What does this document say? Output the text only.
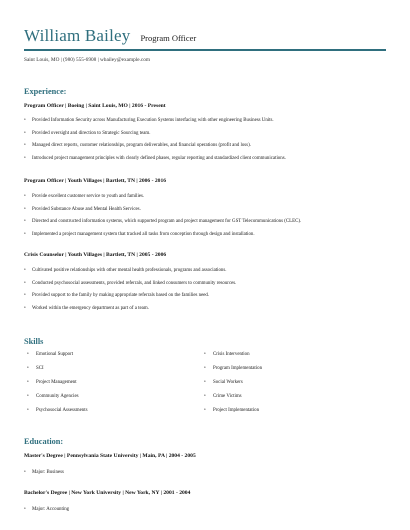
William Bailey Program Officer
Saint Louis, MO | (980) 555-6908 | wbailey@example.com
Experience:
Program Officer | Boeing | Saint Louis, MO | 2016 - Present
• Provided Information Security across Manufacturing Execution Systems interfacing with other engineering Business Units.
• Provided oversight and direction to Strategic Sourcing team.
• Managed direct reports, customer relationships, program deliverables, and financial operations (profit and loss).
• Introduced project management principles with clearly defined phases, regular reporting and standardized client communications.
Program Officer | Youth Villages | Bartlett, TN | 2006 - 2016
• Provide excellent customer service to youth and families.
• Provided Substance Abuse and Mental Health Services.
• Directed and constructed information systems, which supported program and project management for GST Telecommunications (CLEC).
• Implemented a project management system that tracked all tasks from conception through design and installation.
Crisis Counselor | Youth Villages | Bartlett, TN | 2005 - 2006
• Cultivated positive relationships with other mental health professionals, programs and associations.
• Conducted psychosocial assessments, provided referrals, and linked consumers to community resources.
• Provided support to the family by making appropriate referrals based on the families need.
• Worked within the emergency department as part of a team.
Skills
• Emotional Support
• SCI
• Project Management
• Community Agencies
• Psychosocial Assessments
• Crisis Intervention
• Program Implementation
• Social Workers
• Crime Victims
• Project Implementation
Education:
Master's Degree | Pennsylvania State University | Main, PA | 2004 - 2005
• Major: Business
Bachelor's Degree | New York University | New York, NY | 2001 - 2004
• Major: Accounting
